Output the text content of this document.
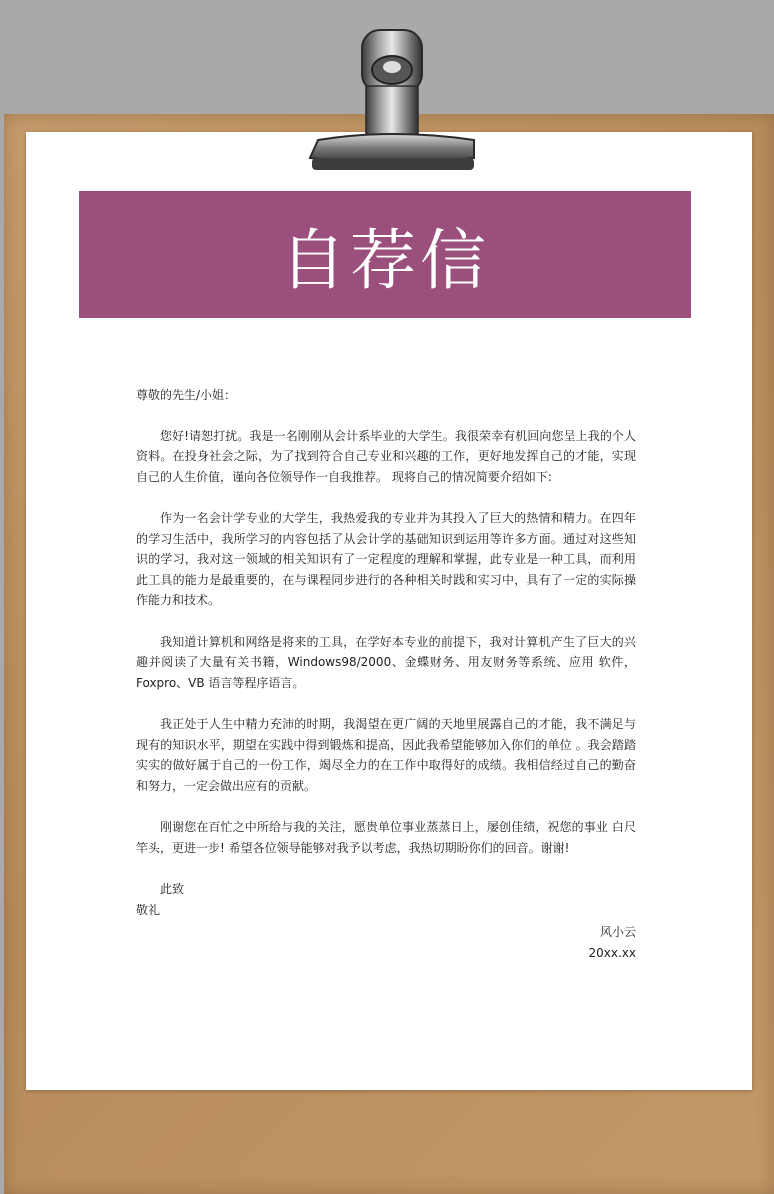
自荐信

尊敬的先生/小姐：

您好!请恕打扰。我是一名刚刚从会计系毕业的大学生。我很荣幸有机回向您呈上我的个人资料。在投身社会之际，为了找到符合自己专业和兴趣的工作，更好地发挥自己的才能，实现自己的人生价值，谨向各位领导作一自我推荐。 现将自己的情况简要介绍如下:

作为一名会计学专业的大学生，我热爱我的专业并为其投入了巨大的热情和精力。在四年的学习生活中，我所学习的内容包括了从会计学的基础知识到运用等许多方面。通过对这些知识的学习，我对这一领域的相关知识有了一定程度的理解和掌握，此专业是一种工具，而利用此工具的能力是最重要的，在与课程同步进行的各种相关时践和实习中，具有了一定的实际操作能力和技术。

我知道计算机和网络是将来的工具，在学好本专业的前提下，我对计算机产生了巨大的兴趣并阅读了大量有关书籍，Windows98/2000、金蝶财务、用友财务等系统、应用 软件，Foxpro、VB 语言等程序语言。

我正处于人生中精力充沛的时期，我渴望在更广阔的天地里展露自己的才能，我不满足与现有的知识水平，期望在实践中得到锻炼和提高，因此我希望能够加入你们的单位 。我会踏踏实实的做好属于自己的一份工作，竭尽全力的在工作中取得好的成绩。我相信经过自己的勤奋和努力，一定会做出应有的贡献。

刚谢您在百忙之中所给与我的关注，愿贵单位事业蒸蒸日上，屡创佳绩，祝您的事业 白尺竿头，更进一步! 希望各位领导能够对我予以考虑，我热切期盼你们的回音。谢谢!

此致

敬礼

风小云

20xx.xx
